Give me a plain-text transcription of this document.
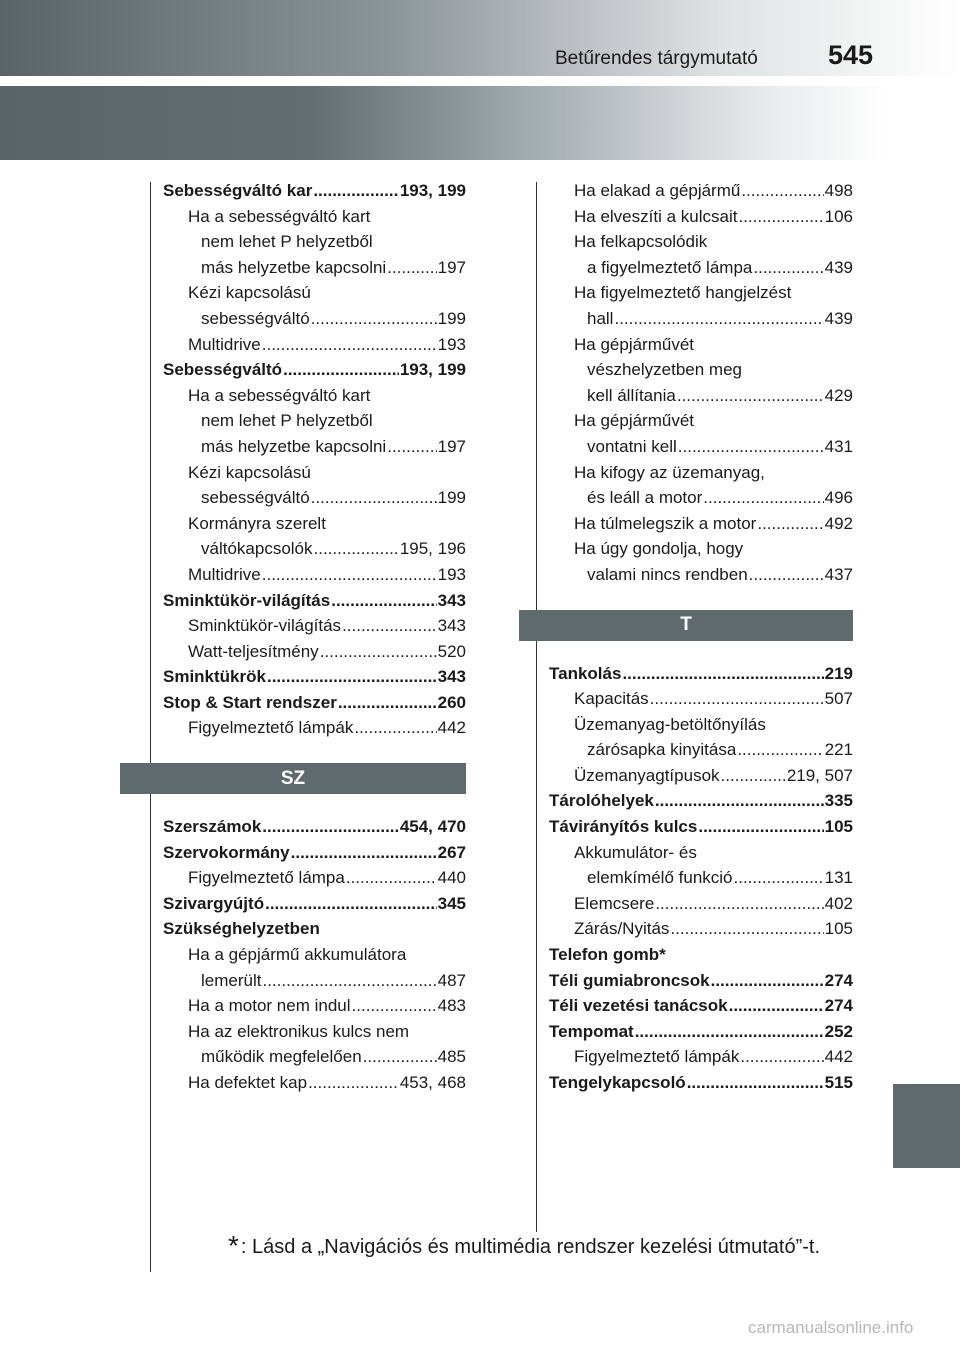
Betűrendes tárgymutató	545
Sebességváltó kar .....	193, 199
Ha a sebességváltó kart
nem lehet P helyzetből
más helyzetbe kapcsolni .....	197
Kézi kapcsolású
sebességváltó .....	199
Multidrive .....	193
Sebességváltó .....	193, 199
Ha a sebességváltó kart
nem lehet P helyzetből
más helyzetbe kapcsolni .....	197
Kézi kapcsolású
sebességváltó .....	199
Kormányra szerelt
váltókapcsolók .....	195, 196
Multidrive .....	193
Sminktükör-világítás .....	343
Sminktükör-világítás .....	343
Watt-teljesítmény .....	520
Sminktükrök .....	343
Stop & Start rendszer .....	260
Figyelmeztető lámpák .....	442
SZ
Szerszámok .....	454, 470
Szervokormány .....	267
Figyelmeztető lámpa .....	440
Szivargyújtó .....	345
Szükséghelyzetben
Ha a gépjármű akkumulátora
lemerült .....	487
Ha a motor nem indul .....	483
Ha az elektronikus kulcs nem
működik megfelelően .....	485
Ha defektet kap .....	453, 468
Ha elakad a gépjármű .....	498
Ha elveszíti a kulcsait .....	106
Ha felkapcsolódik
a figyelmeztető lámpa .....	439
Ha figyelmeztető hangjelzést
hall .....	439
Ha gépjárművét
vészhelyzetben meg
kell állítania .....	429
Ha gépjárművét
vontatni kell .....	431
Ha kifogy az üzemanyag,
és leáll a motor .....	496
Ha túlmelegszik a motor .....	492
Ha úgy gondolja, hogy
valami nincs rendben .....	437
T
Tankolás .....	219
Kapacitás .....	507
Üzemanyag-betöltőnyílás
zárósapka kinyitása .....	221
Üzemanyagtípusok .....	219, 507
Tárolóhelyek .....	335
Távirányítós kulcs .....	105
Akkumulátor- és
elemkímélő funkció .....	131
Elemcsere .....	402
Zárás/Nyitás .....	105
Telefon gomb*
Téli gumiabroncsok .....	274
Téli vezetési tanácsok .....	274
Tempomat .....	252
Figyelmeztető lámpák .....	442
Tengelykapcsoló .....	515
* : Lásd a „Navigációs és multimédia rendszer kezelési útmutató”-t.
carmanualsonline.info
